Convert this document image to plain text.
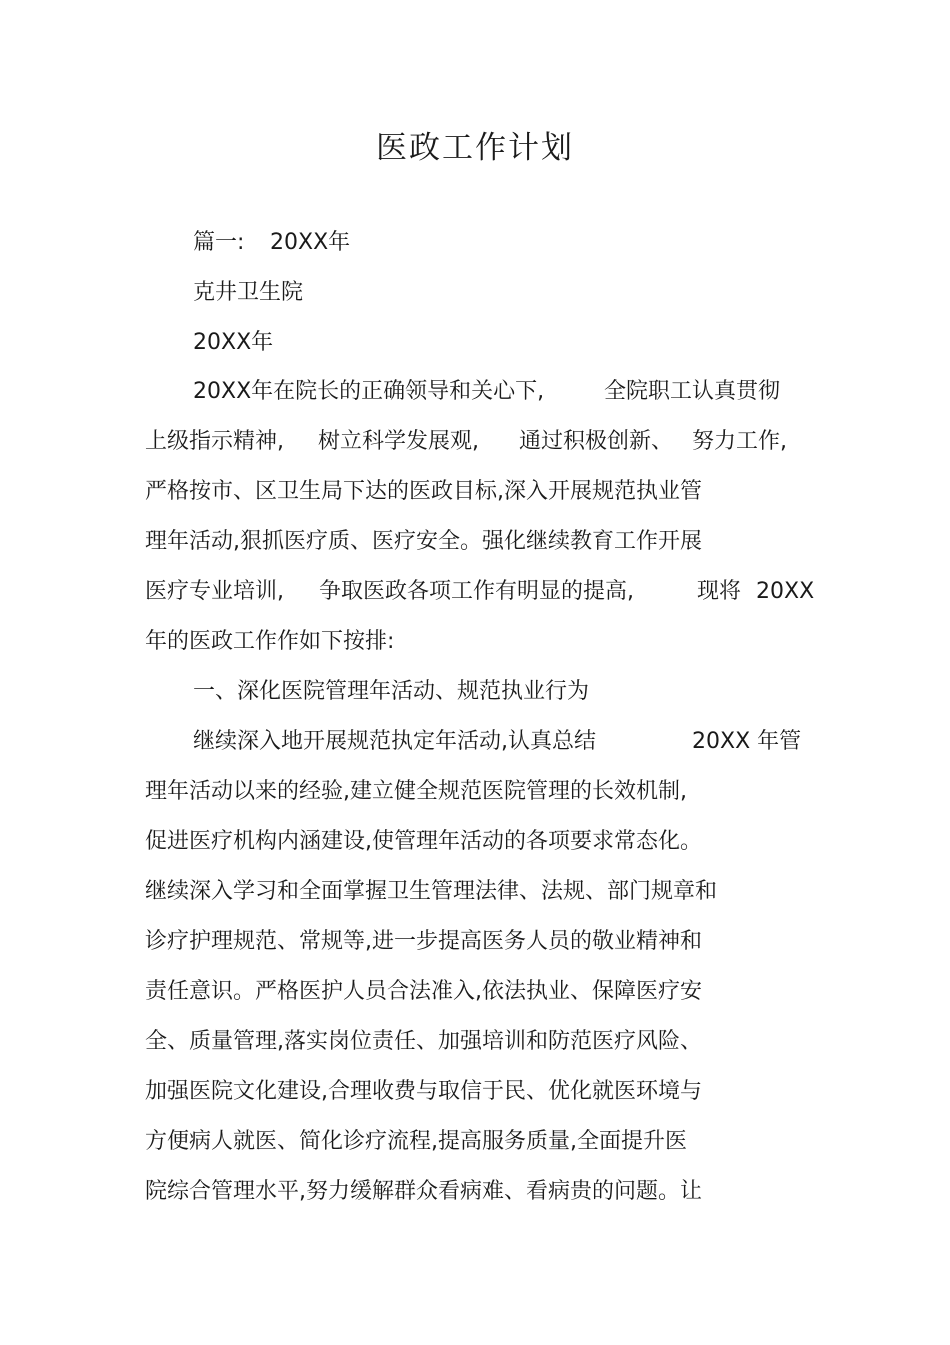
医政工作计划
篇一: 20XX年
克井卫生院
20XX年
20XX年在院长的正确领导和关心下,	全院职工认真贯彻
上级指示精神, 树立科学发展观, 通过积极创新、 努力工作,
严格按市、区卫生局下达的医政目标,深入开展规范执业管
理年活动,狠抓医疗质、医疗安全。强化继续教育工作开展
医疗专业培训, 争取医政各项工作有明显的提高,	现将 20XX
年的医政工作作如下按排:
一、深化医院管理年活动、规范执业行为
继续深入地开展规范执定年活动,认真总结	20XX 年管
理年活动以来的经验,建立健全规范医院管理的长效机制,
促进医疗机构内涵建设,使管理年活动的各项要求常态化。
继续深入学习和全面掌握卫生管理法律、法规、部门规章和
诊疗护理规范、常规等,进一步提高医务人员的敬业精神和
责任意识。严格医护人员合法准入,依法执业、保障医疗安
全、质量管理,落实岗位责任、加强培训和防范医疗风险、
加强医院文化建设,合理收费与取信于民、优化就医环境与
方便病人就医、简化诊疗流程,提高服务质量,全面提升医
院综合管理水平,努力缓解群众看病难、看病贵的问题。让
